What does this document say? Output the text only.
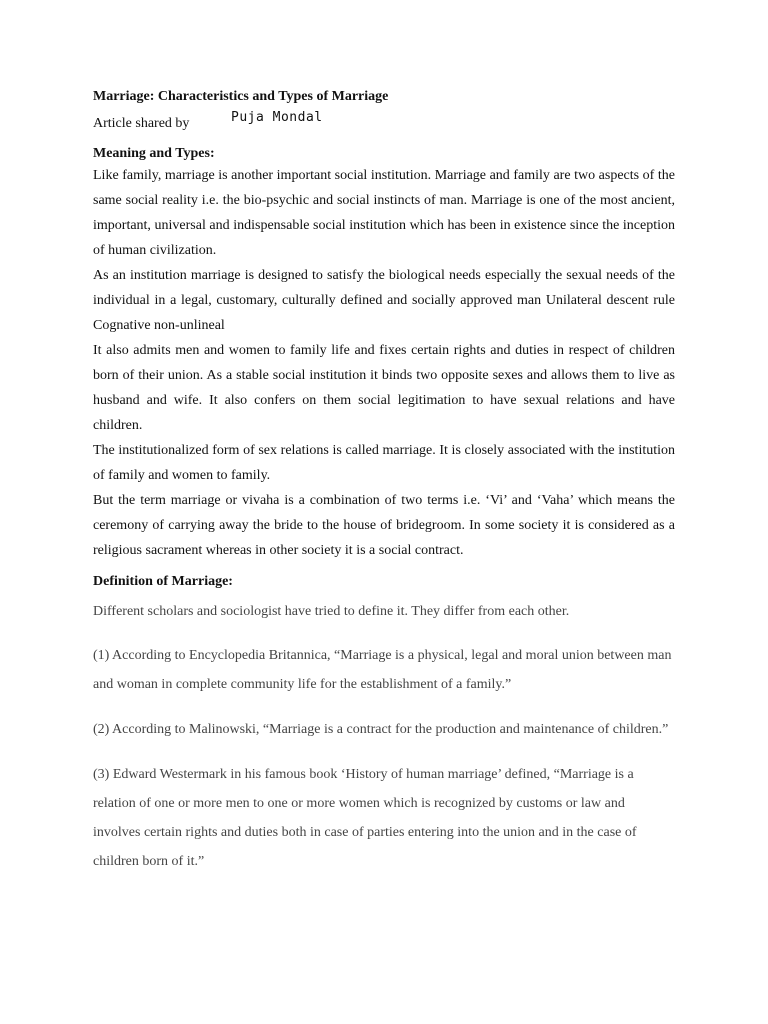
Marriage: Characteristics and Types of Marriage
Article shared by	Puja Mondal
Meaning and Types:

Like family, marriage is another important social institution. Marriage and family are two aspects of the same social reality i.e. the bio-psychic and social instincts of man. Marriage is one of the most ancient, important, universal and indispensable social institution which has been in existence since the inception of human civilization.

As an institution marriage is designed to satisfy the biological needs especially the sexual needs of the individual in a legal, customary, culturally defined and socially approved man Unilateral descent rule Cognative non-unlineal

It also admits men and women to family life and fixes certain rights and duties in respect of children born of their union. As a stable social institution it binds two opposite sexes and allows them to live as husband and wife. It also confers on them social legitimation to have sexual relations and have children.

The institutionalized form of sex relations is called marriage. It is closely associated with the institution of family and women to family.

But the term marriage or vivaha is a combination of two terms i.e. ‘Vi’ and ‘Vaha’ which means the ceremony of carrying away the bride to the house of bridegroom. In some society it is considered as a religious sacrament whereas in other society it is a social contract.

Definition of Marriage:

Different scholars and sociologist have tried to define it. They differ from each other.

(1) According to Encyclopedia Britannica, “Marriage is a physical, legal and moral union between man and woman in complete community life for the establishment of a family.”

(2) According to Malinowski, “Marriage is a contract for the production and maintenance of children.”

(3) Edward Westermark in his famous book ‘History of human marriage’ defined, “Marriage is a relation of one or more men to one or more women which is recognized by customs or law and involves certain rights and duties both in case of parties entering into the union and in the case of children born of it.”
